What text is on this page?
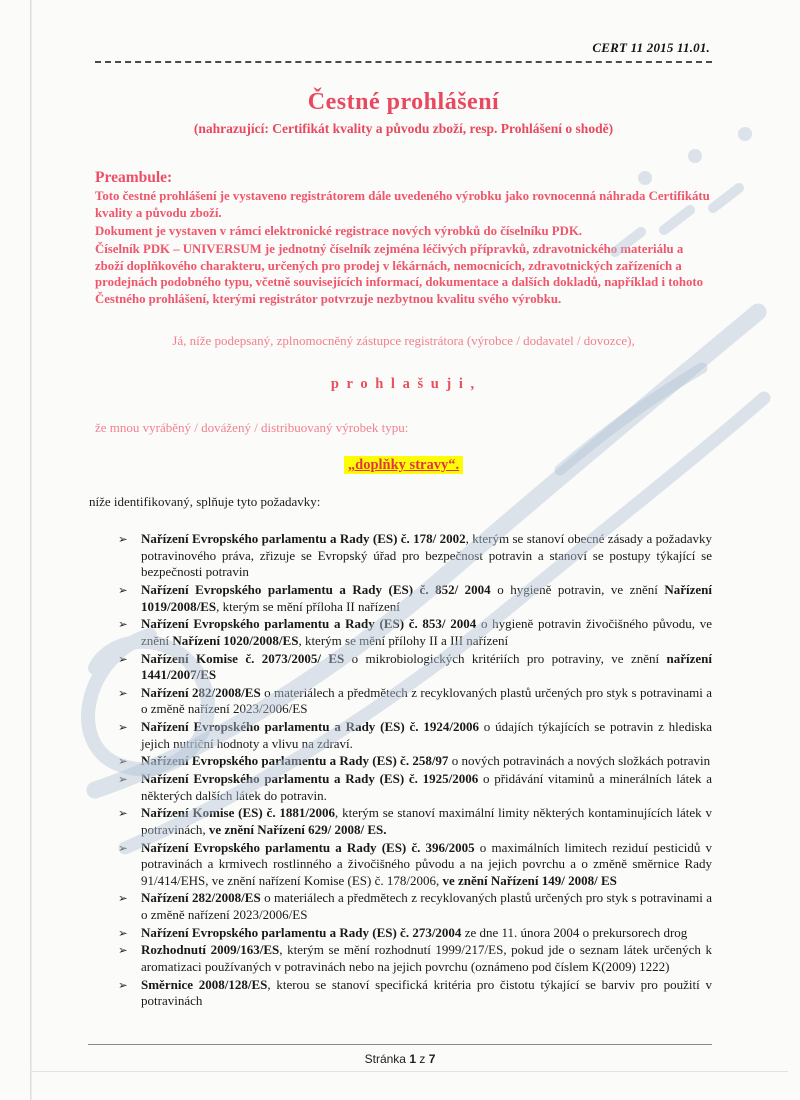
CERT 11 2015 11.01.
Čestné prohlášení
(nahrazující: Certifikát kvality a původu zboží, resp. Prohlášení o shodě)
Preambule:

Toto čestné prohlášení je vystaveno registrátorem dále uvedeného výrobku jako rovnocenná náhrada Certifikátu kvality a původu zboží.

Dokument je vystaven v rámci elektronické registrace nových výrobků do číselníku PDK.

Číselník PDK – UNIVERSUM je jednotný číselník zejména léčivých přípravků, zdravotnického materiálu a zboží doplňkového charakteru, určených pro prodej v lékárnách, nemocnicích, zdravotnických zařízeních a prodejnách podobného typu, včetně souvisejících informací, dokumentace a dalších dokladů, například i tohoto Čestného prohlášení, kterými registrátor potvrzuje nezbytnou kvalitu svého výrobku.

Já, níže podepsaný, zplnomocněný zástupce registrátora (výrobce / dodavatel / dovozce),

p r o h l a š u j i ,

že mnou vyráběný / dovážený / distribuovaný výrobek typu:

„doplňky stravy“.

níže identifikovaný, splňuje tyto požadavky:

➢	Nařízení Evropského parlamentu a Rady (ES) č. 178/ 2002, kterým se stanoví obecné zásady a požadavky potravinového práva, zřizuje se Evropský úřad pro bezpečnost potravin a stanoví se postupy týkající se bezpečnosti potravin
➢	Nařízení Evropského parlamentu a Rady (ES) č. 852/ 2004 o hygieně potravin, ve znění Nařízení 1019/2008/ES, kterým se mění příloha II nařízení
➢	Nařízení Evropského parlamentu a Rady (ES) č. 853/ 2004 o hygieně potravin živočišného původu, ve znění Nařízení 1020/2008/ES, kterým se mění přílohy II a III nařízení
➢	Nařízení Komise č. 2073/2005/ ES o mikrobiologických kritériích pro potraviny, ve znění nařízení 1441/2007/ES
➢	Nařízení 282/2008/ES o materiálech a předmětech z recyklovaných plastů určených pro styk s potravinami a o změně nařízení 2023/2006/ES
➢	Nařízení Evropského parlamentu a Rady (ES) č. 1924/2006 o údajích týkajících se potravin z hlediska jejich nutriční hodnoty a vlivu na zdraví.
➢	Nařízení Evropského parlamentu a Rady (ES) č. 258/97 o nových potravinách a nových složkách potravin
➢	Nařízení Evropského parlamentu a Rady (ES) č. 1925/2006 o přidávání vitaminů a minerálních látek a některých dalších látek do potravin.
➢	Nařízení Komise (ES) č. 1881/2006, kterým se stanoví maximální limity některých kontaminujících látek v potravinách, ve znění Nařízení 629/ 2008/ ES.
➢	Nařízení Evropského parlamentu a Rady (ES) č. 396/2005 o maximálních limitech reziduí pesticidů v potravinách a krmivech rostlinného a živočišného původu a na jejich povrchu a o změně směrnice Rady 91/414/EHS, ve znění nařízení Komise (ES) č. 178/2006, ve znění Nařízení 149/ 2008/ ES
➢	Nařízení 282/2008/ES o materiálech a předmětech z recyklovaných plastů určených pro styk s potravinami a o změně nařízení 2023/2006/ES
➢	Nařízení Evropského parlamentu a Rady (ES) č. 273/2004 ze dne 11. února 2004 o prekursorech drog
➢	Rozhodnutí 2009/163/ES, kterým se mění rozhodnutí 1999/217/ES, pokud jde o seznam látek určených k aromatizaci používaných v potravinách nebo na jejich povrchu (oznámeno pod číslem K(2009) 1222)
➢	Směrnice 2008/128/ES, kterou se stanoví specifická kritéria pro čistotu týkající se barviv pro použití v potravinách
Stránka 1 z 7
